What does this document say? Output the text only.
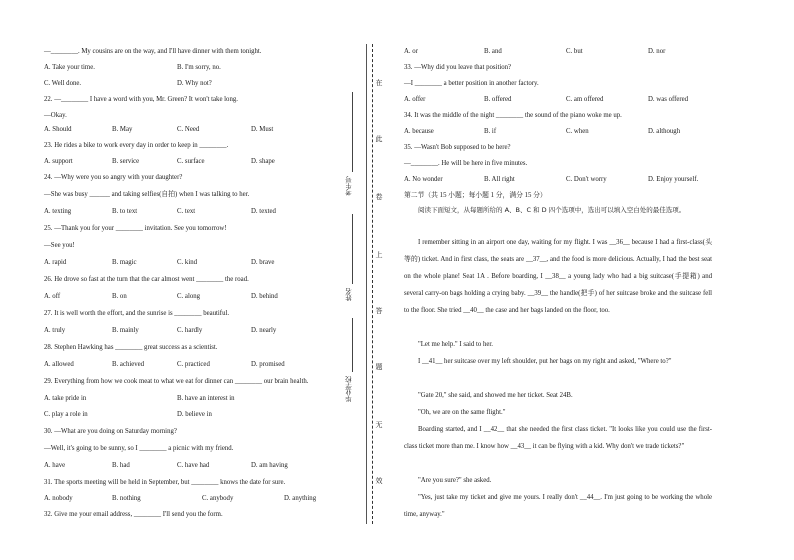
—________. My cousins are on the way, and I'll have dinner with them tonight.
A. Take your time.	B. I'm sorry, no.
C. Well done.	D. Why not?
22. —________ I have a word with you, Mr. Green? It won't take long.
—Okay.
A. Should	B. May	C. Need	D. Must
23. He rides a bike to work every day in order to keep in ________.
A. support	B. service	C. surface	D. shape
24. —Why were you so angry with your daughter?
—She was busy ______ and taking selfies(自拍) when I was talking to her.
A. texting	B. to text	C. text	D. texted
25. —Thank you for your ________ invitation. See you tomorrow!
—See you!
A. rapid	B. magic	C. kind	D. brave
26. He drove so fast at the turn that the car almost went ________ the road.
A. off	B. on	C. along	D. behind
27. It is well worth the effort, and the sunrise is ________ beautiful.
A. truly	B. mainly	C. hardly	D. nearly
28. Stephen Hawking has ________ great success as a scientist.
A. allowed	B. achieved	C. practiced	D. promised
29. Everything from how we cook meat to what we eat for dinner can ________ our brain health.
A. take pride in	B. have an interest in
C. play a role in	D. believe in
30. —What are you doing on Saturday morning?
—Well, it's going to be sunny, so I ________ a picnic with my friend.
A. have	B. had	C. have had	D. am having
31. The sports meeting will be held in September, but ________ knows the date for sure.
A. nobody	B. nothing	C. anybody	D. anything
32. Give me your email address, ________ I'll send you the form.
在
此
卷
上
答
题
无
效
考生号
姓名
毕业学校
A. or	B. and	C. but	D. nor
33. —Why did you leave that position?
—I ________ a better position in another factory.
A. offer	B. offered	C. am offered	D. was offered
34. It was the middle of the night ________ the sound of the piano woke me up.
A. because	B. if	C. when	D. although
35. —Wasn't Bob supposed to be here?
—________. He will be here in five minutes.
A. No wonder	B. All right	C. Don't worry	D. Enjoy yourself.
第二节（共 15 小题；每小题 1 分，满分 15 分）
阅读下面短文，从每题所给的 A、B、C 和 D 四个选项中，选出可以填入空白处的最佳选项。
I remember sitting in an airport one day, waiting for my flight. I was __36__ because I had a first-class(头等的) ticket. And in first class, the seats are __37__, and the food is more delicious. Actually, I had the best seat on the whole plane! Seat 1A . Before boarding, I __38__ a young lady who had a big suitcase(手提箱) and several carry-on bags holding a crying baby. __39__ the handle(把手) of her suitcase broke and the suitcase fell to the floor. She tried __40__ the case and her bags landed on the floor, too.
"Let me help." I said to her.
I __41__ her suitcase over my left shoulder, put her bags on my right and asked, "Where to?"
"Gate 20," she said, and showed me her ticket. Seat 24B.
"Oh, we are on the same flight."
Boarding started, and I __42__ that she needed the first class ticket. "It looks like you could use the first-class ticket more than me. I know how __43__ it can be flying with a kid. Why don't we trade tickets?"
"Are you sure?" she asked.
"Yes, just take my ticket and give me yours. I really don't __44__. I'm just going to be working the whole time, anyway."
